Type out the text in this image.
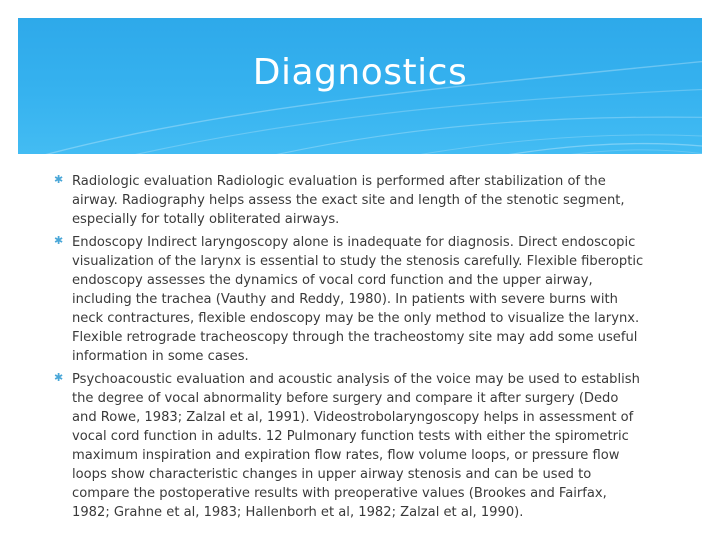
Diagnostics
✱ Radiologic evaluation Radiologic evaluation is performed after stabilization of the airway. Radiography helps assess the exact site and length of the stenotic segment, especially for totally obliterated airways.
✱ Endoscopy Indirect laryngoscopy alone is inadequate for diagnosis. Direct endoscopic visualization of the larynx is essential to study the stenosis carefully. Flexible fiberoptic endoscopy assesses the dynamics of vocal cord function and the upper airway, including the trachea (Vauthy and Reddy, 1980). In patients with severe burns with neck contractures, flexible endoscopy may be the only method to visualize the larynx. Flexible retrograde tracheoscopy through the tracheostomy site may add some useful information in some cases.
✱ Psychoacoustic evaluation and acoustic analysis of the voice may be used to establish the degree of vocal abnormality before surgery and compare it after surgery (Dedo and Rowe, 1983; Zalzal et al, 1991). Videostrobolaryngoscopy helps in assessment of vocal cord function in adults. 12 Pulmonary function tests with either the spirometric maximum inspiration and expiration flow rates, flow volume loops, or pressure flow loops show characteristic changes in upper airway stenosis and can be used to compare the postoperative results with preoperative values (Brookes and Fairfax, 1982; Grahne et al, 1983; Hallenborh et al, 1982; Zalzal et al, 1990).
